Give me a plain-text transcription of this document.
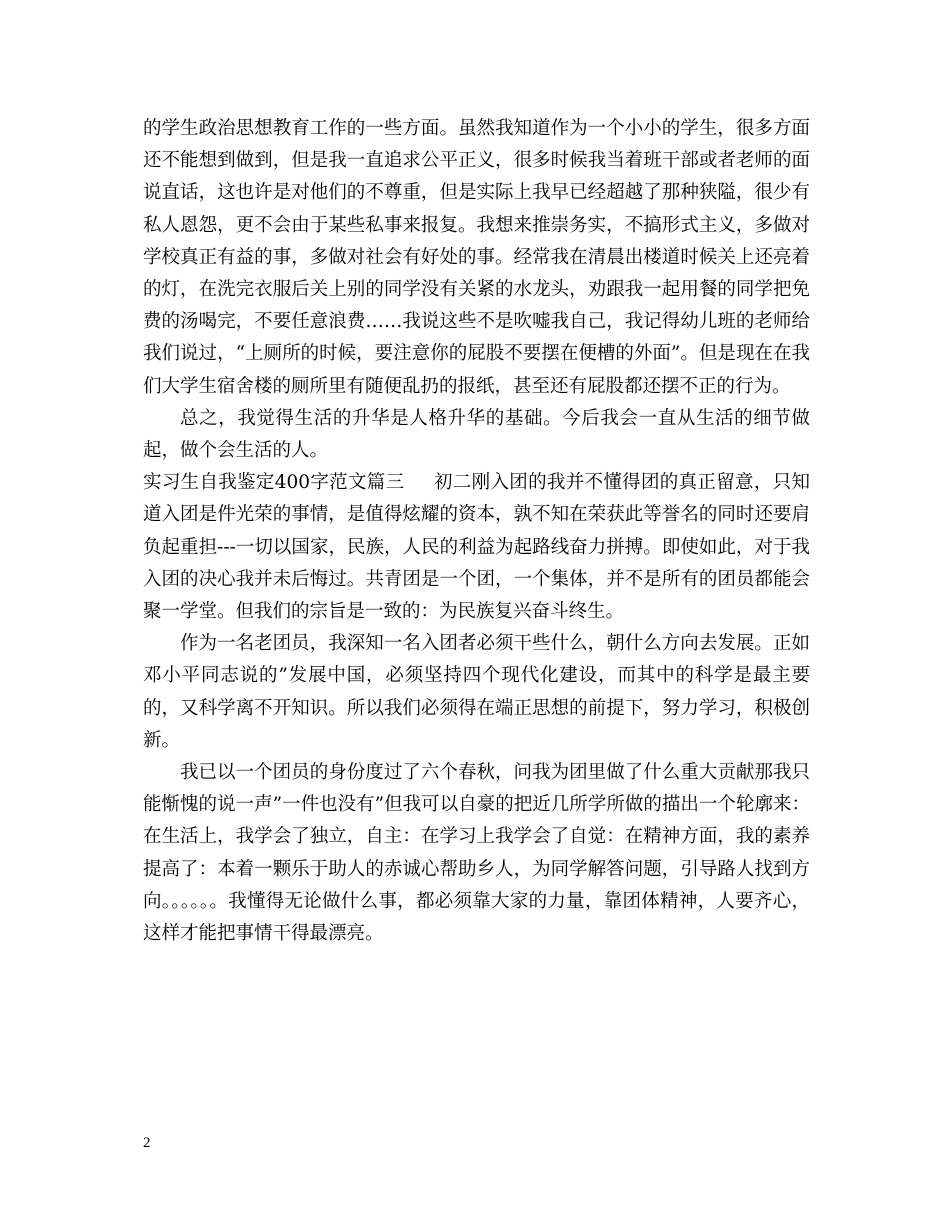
的学生政治思想教育工作的一些方面。虽然我知道作为一个小小的学生，很多方面还不能想到做到，但是我一直追求公平正义，很多时候我当着班干部或者老师的面说直话，这也许是对他们的不尊重，但是实际上我早已经超越了那种狭隘，很少有私人恩怨，更不会由于某些私事来报复。我想来推崇务实，不搞形式主义，多做对学校真正有益的事，多做对社会有好处的事。经常我在清晨出楼道时候关上还亮着的灯，在洗完衣服后关上别的同学没有关紧的水龙头，劝跟我一起用餐的同学把免费的汤喝完，不要任意浪费……我说这些不是吹嘘我自己，我记得幼儿班的老师给我们说过，“上厕所的时候，要注意你的屁股不要摆在便槽的外面”。但是现在在我们大学生宿舍楼的厕所里有随便乱扔的报纸，甚至还有屁股都还摆不正的行为。

总之，我觉得生活的升华是人格升华的基础。今后我会一直从生活的细节做起，做个会生活的人。

实习生自我鉴定400字范文篇三 初二刚入团的我并不懂得团的真正留意，只知道入团是件光荣的事情，是值得炫耀的资本，孰不知在荣获此等誉名的同时还要肩负起重担---一切以国家，民族，人民的利益为起路线奋力拼搏。即使如此，对于我入团的决心我并未后悔过。共青团是一个团，一个集体，并不是所有的团员都能会聚一学堂。但我们的宗旨是一致的：为民族复兴奋斗终生。

作为一名老团员，我深知一名入团者必须干些什么，朝什么方向去发展。正如邓小平同志说的”发展中国，必须坚持四个现代化建设，而其中的科学是最主要的，又科学离不开知识。所以我们必须得在端正思想的前提下，努力学习，积极创新。

我已以一个团员的身份度过了六个春秋，问我为团里做了什么重大贡献那我只能惭愧的说一声”一件也没有”但我可以自豪的把近几所学所做的描出一个轮廓来：在生活上，我学会了独立，自主：在学习上我学会了自觉：在精神方面，我的素养提高了：本着一颗乐于助人的赤诚心帮助乡人，为同学解答问题，引导路人找到方向。。。。。。我懂得无论做什么事，都必须靠大家的力量，靠团体精神，人要齐心，这样才能把事情干得最漂亮。

2
